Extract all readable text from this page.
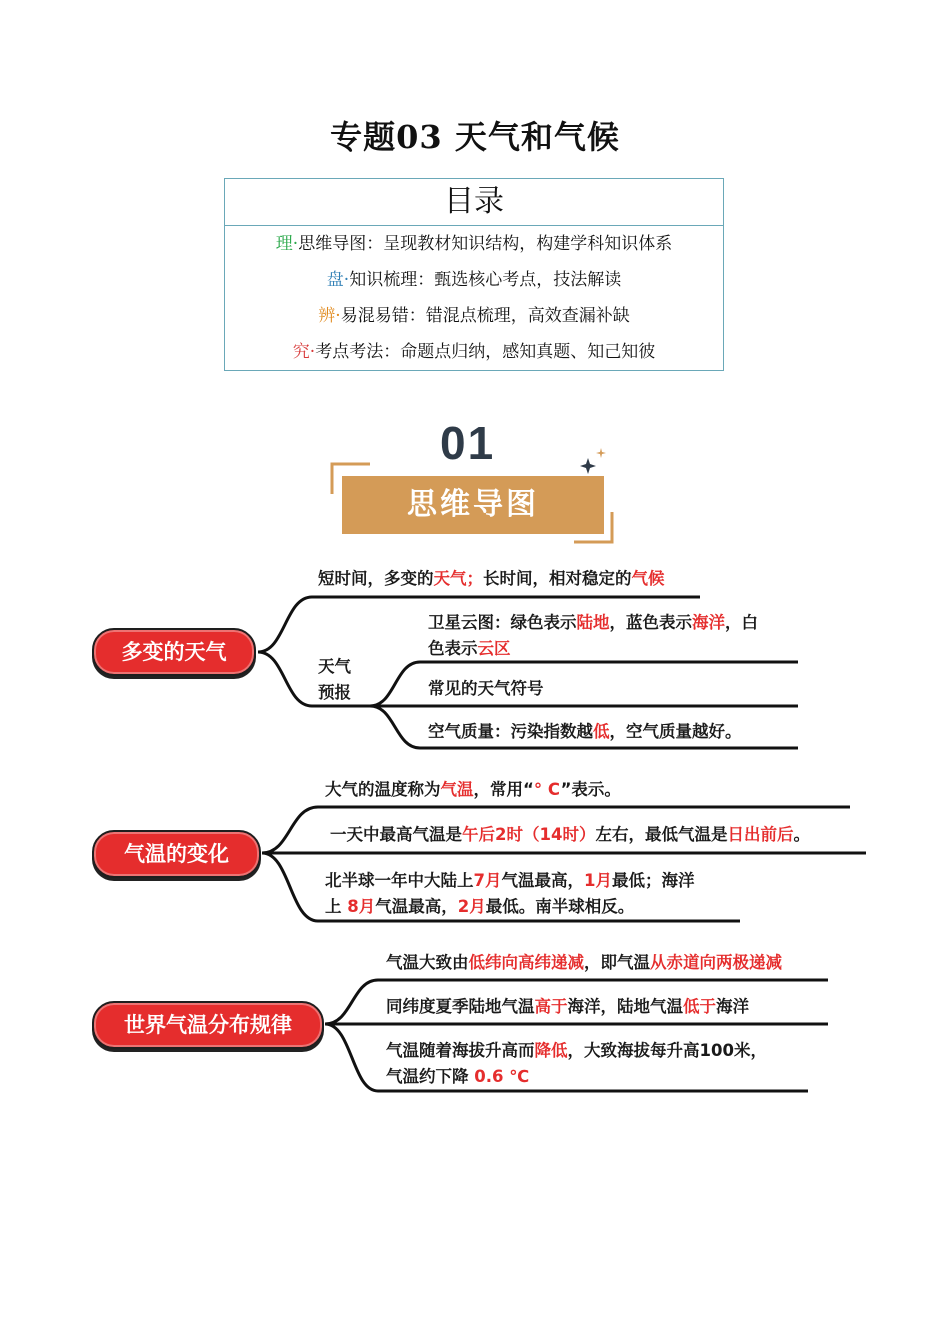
专题03 天气和气候
目录
理·思维导图：呈现教材知识结构，构建学科知识体系
盘·知识梳理：甄选核心考点，技法解读
辨·易混易错：错混点梳理，高效查漏补缺
究·考点考法：命题点归纳，感知真题、知己知彼
01
思维导图
多变的天气
短时间，多变的天气；长时间，相对稳定的气候
天气
预报
卫星云图：绿色表示陆地，蓝色表示海洋，白
色表示云区
常见的天气符号
空气质量：污染指数越低，空气质量越好。
气温的变化
大气的温度称为气温，常用“° C”表示。
一天中最高气温是午后2时（14时）左右，最低气温是日出前后。
北半球一年中大陆上7月气温最高，1月最低；海洋
上 8月气温最高，2月最低。南半球相反。
世界气温分布规律
气温大致由低纬向高纬递减，即气温从赤道向两极递减
同纬度夏季陆地气温高于海洋，陆地气温低于海洋
气温随着海拔升高而降低，大致海拔每升高100米，
气温约下降 0.6 ℃
